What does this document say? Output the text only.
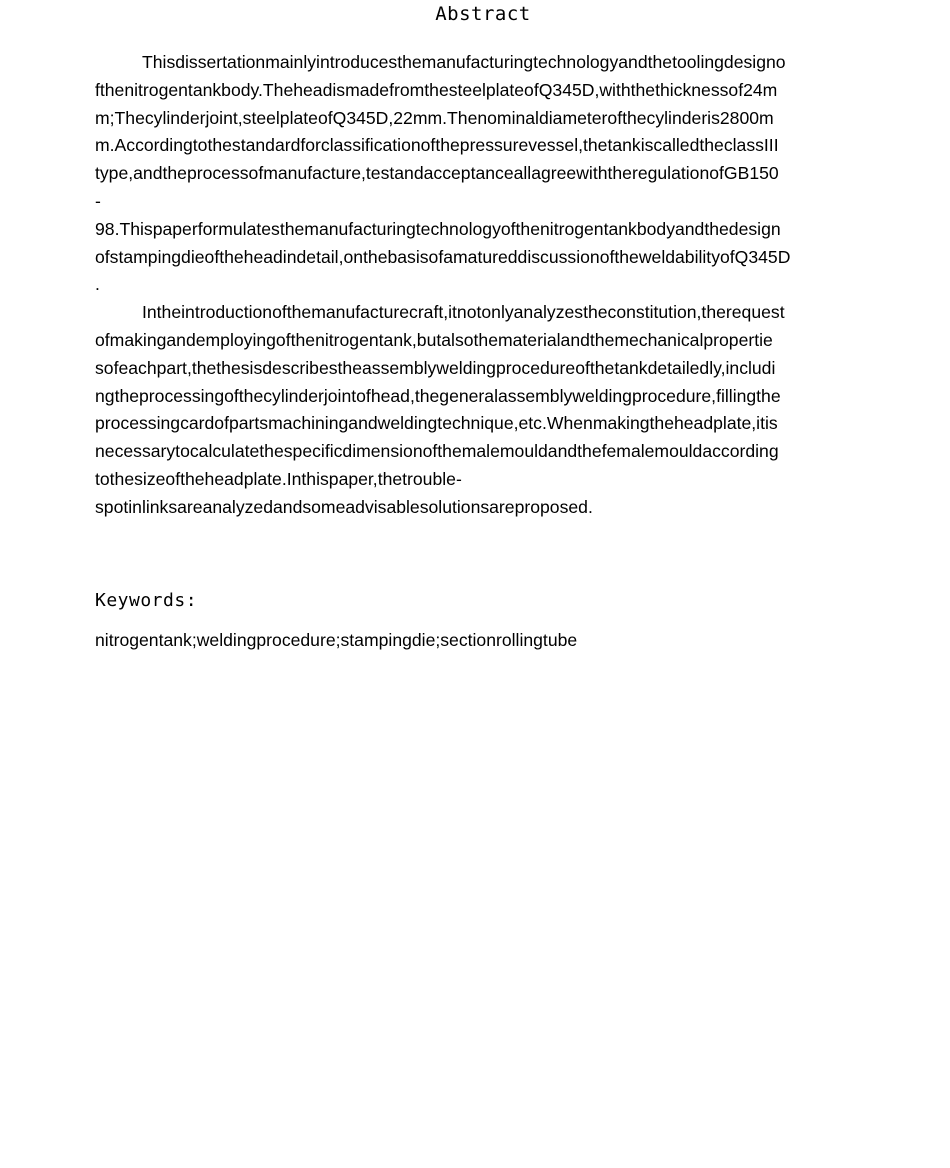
Abstract
Thisdissertationmainlyintroducesthemanufacturingtechnologyandthetoolingdesigno
fthenitrogentankbody.TheheadismadefromthesteelplateofQ345D,withthethicknessof24m
m;Thecylinderjoint,steelplateofQ345D,22mm.Thenominaldiameterofthecylinderis2800m
m.Accordingtothestandardforclassificationofthepressurevessel,thetankiscalledtheclassIII
type,andtheprocessofmanufacture,testandacceptanceallagreewiththeregulationofGB150
-
98.Thispaperformulatesthemanufacturingtechnologyofthenitrogentankbodyandthedesign
ofstampingdieoftheheadindetail,onthebasisofamatureddiscussionoftheweldabilityofQ345D
.
Intheintroductionofthemanufacturecraft,itnotonlyanalyzestheconstitution,therequest
ofmakingandemployingofthenitrogentank,butalsothematerialandthemechanicalpropertie
sofeachpart,thethesisdescribestheassemblyweldingprocedureofthetankdetailedly,includi
ngtheprocessingofthecylinderjointofhead,thegeneralassemblyweldingprocedure,fillingthe
processingcardofpartsmachiningandweldingtechnique,etc.Whenmakingtheheadplate,itis
necessarytocalculatethespecificdimensionofthemalemouldandthefemalemouldaccording
tothesizeoftheheadplate.Inthispaper,thetrouble-
spotinlinksareanalyzedandsomeadvisablesolutionsareproposed.
Keywords:
nitrogentank;weldingprocedure;stampingdie;sectionrollingtube
